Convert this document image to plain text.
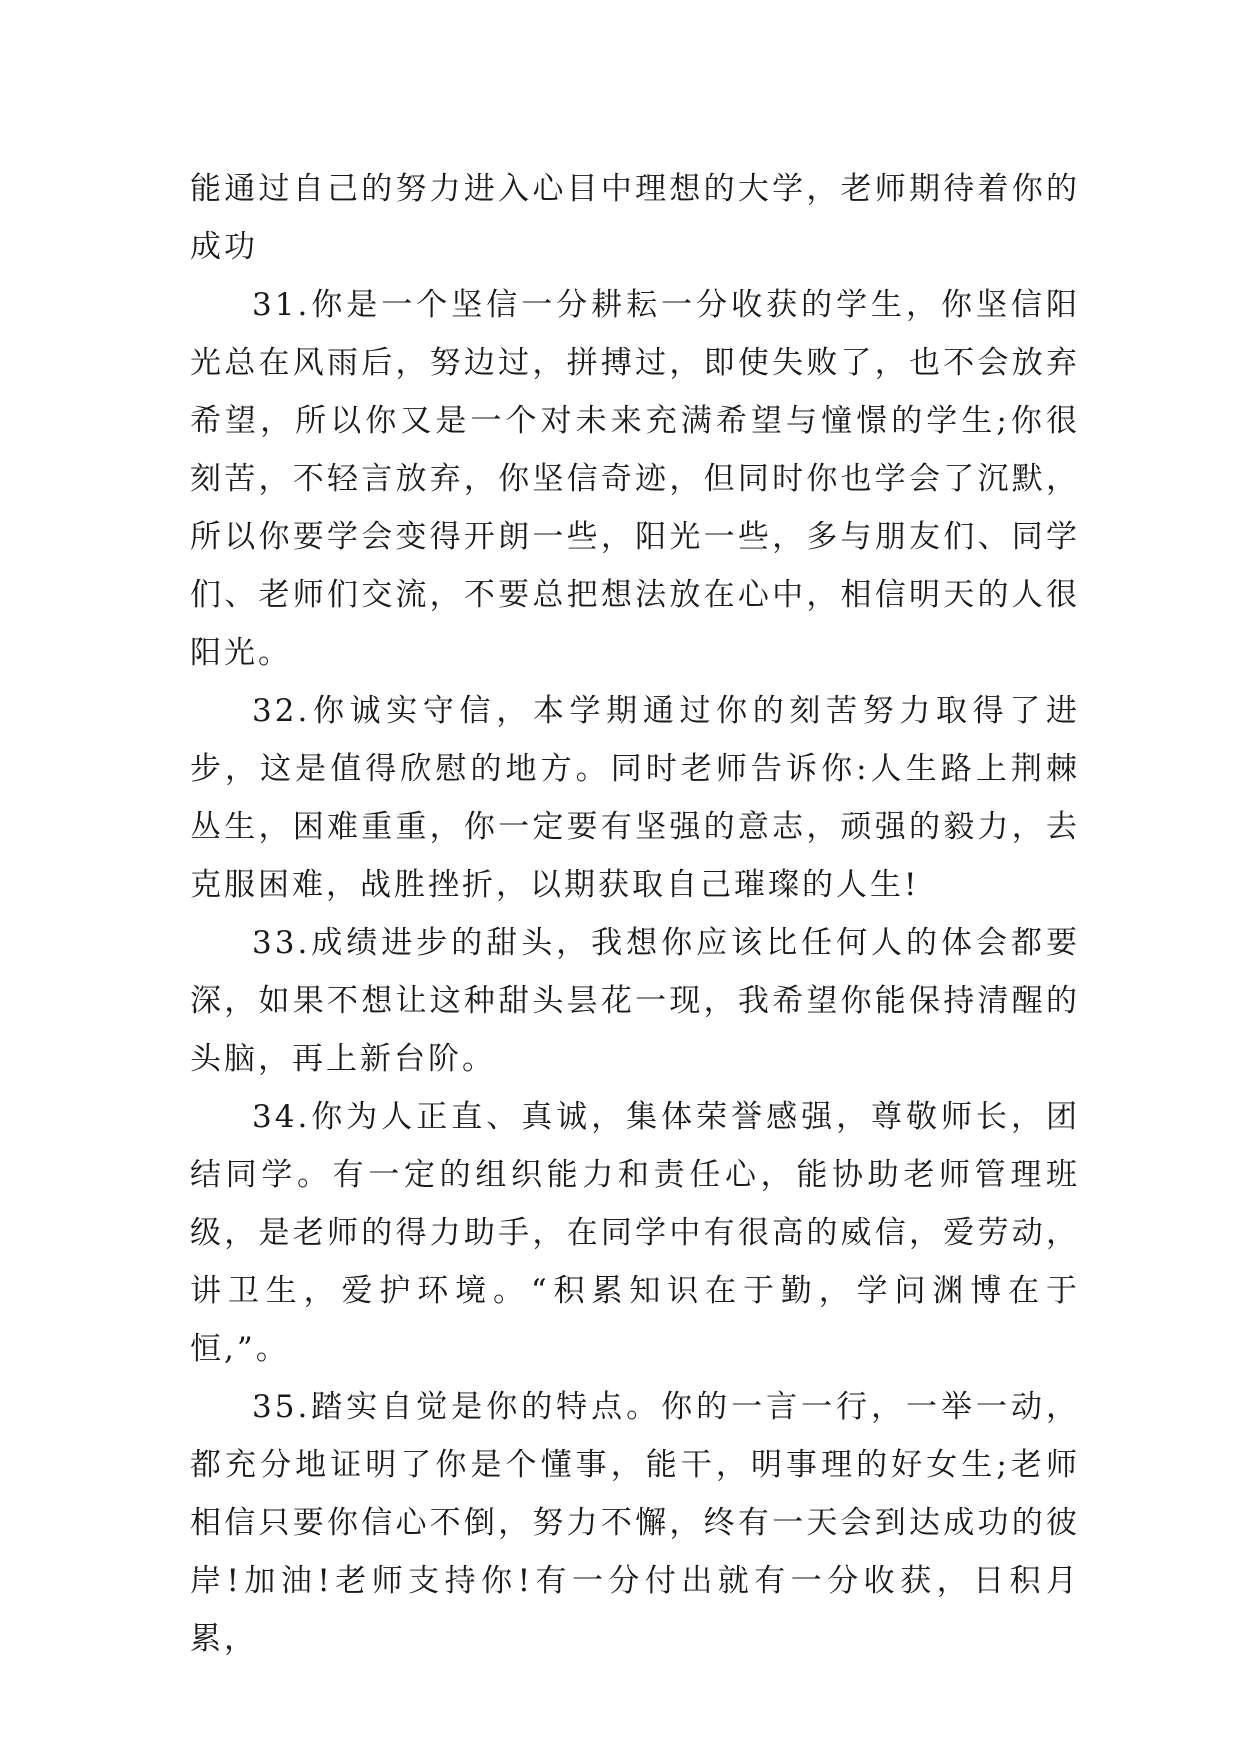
能通过自己的努力进入心目中理想的大学，老师期待着你的成功

31.你是一个坚信一分耕耘一分收获的学生，你坚信阳光总在风雨后，努边过，拼搏过，即使失败了，也不会放弃希望，所以你又是一个对未来充满希望与憧憬的学生;你很刻苦，不轻言放弃，你坚信奇迹，但同时你也学会了沉默，所以你要学会变得开朗一些，阳光一些，多与朋友们、同学们、老师们交流，不要总把想法放在心中，相信明天的人很阳光。

32.你诚实守信，本学期通过你的刻苦努力取得了进步，这是值得欣慰的地方。同时老师告诉你:人生路上荆棘丛生，困难重重，你一定要有坚强的意志，顽强的毅力，去克服困难，战胜挫折，以期获取自己璀璨的人生!

33.成绩进步的甜头，我想你应该比任何人的体会都要深，如果不想让这种甜头昙花一现，我希望你能保持清醒的头脑，再上新台阶。

34.你为人正直、真诚，集体荣誉感强，尊敬师长，团结同学。有一定的组织能力和责任心，能协助老师管理班级，是老师的得力助手，在同学中有很高的威信，爱劳动，讲卫生，爱护环境。“积累知识在于勤，学问渊博在于恒,”。

35.踏实自觉是你的特点。你的一言一行，一举一动，都充分地证明了你是个懂事，能干，明事理的好女生;老师相信只要你信心不倒，努力不懈，终有一天会到达成功的彼岸!加油!老师支持你!有一分付出就有一分收获，日积月累，
